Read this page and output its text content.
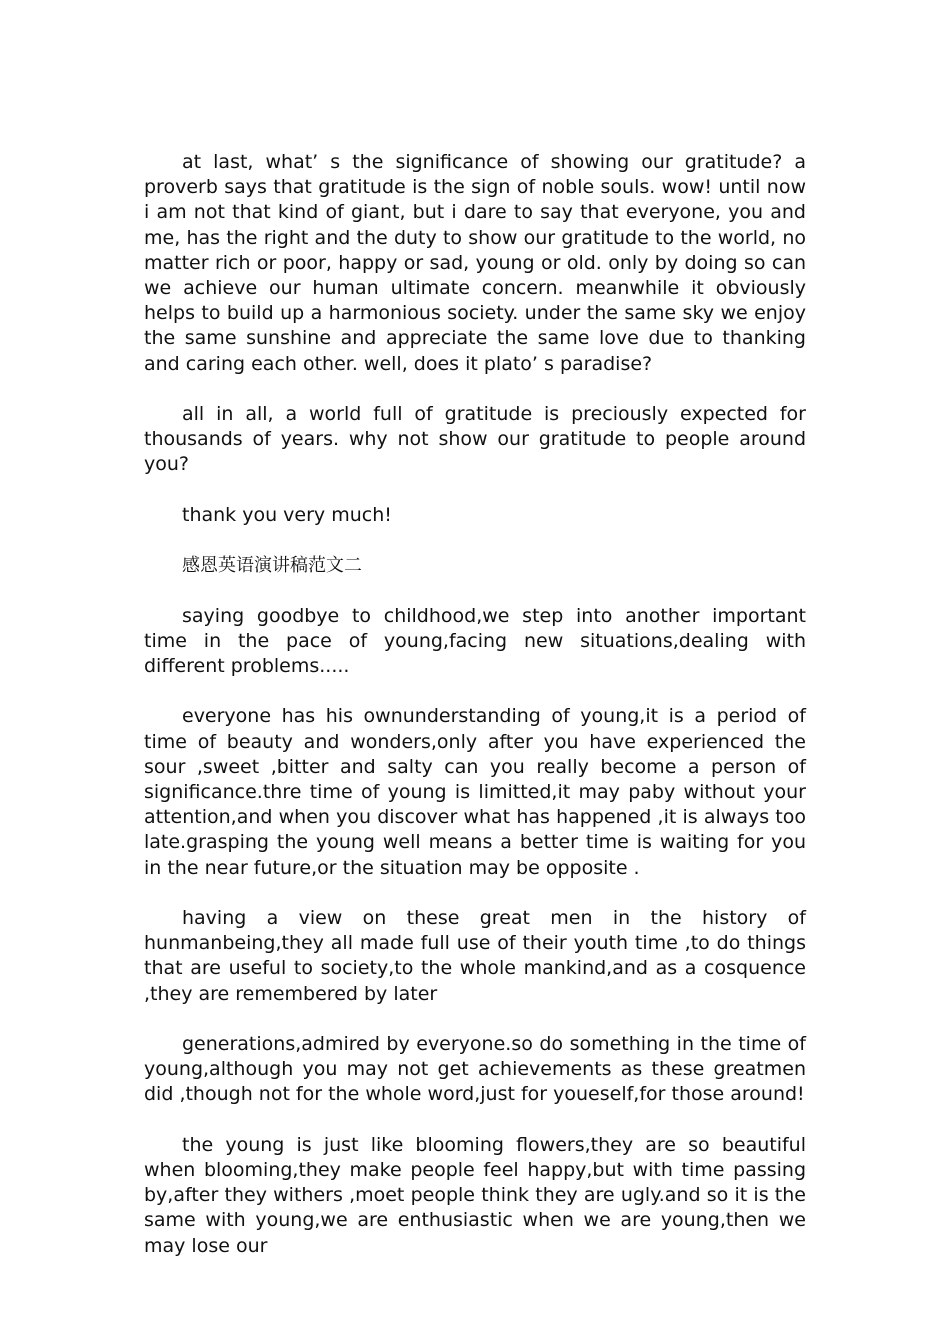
at last, what’ s the significance of showing our gratitude? a proverb says that gratitude is the sign of noble souls. wow! until now i am not that kind of giant, but i dare to say that everyone, you and me, has the right and the duty to show our gratitude to the world, no matter rich or poor, happy or sad, young or old. only by doing so can we achieve our human ultimate concern. meanwhile it obviously helps to build up a harmonious society. under the same sky we enjoy the same sunshine and appreciate the same love due to thanking and caring each other. well, does it plato’ s paradise?

all in all, a world full of gratitude is preciously expected for thousands of years. why not show our gratitude to people around you?

thank you very much!

感恩英语演讲稿范文二

saying goodbye to childhood,we step into another important time in the pace of young,facing new situations,dealing with different problems.....

everyone has his ownunderstanding of young,it is a period of time of beauty and wonders,only after you have experienced the sour ,sweet ,bitter and salty can you really become a person of significance.thre time of young is limitted,it may paby without your attention,and when you discover what has happened ,it is always too late.grasping the young well means a better time is waiting for you in the near future,or the situation may be opposite .

having a view on these great men in the history of hunmanbeing,they all made full use of their youth time ,to do things that are useful to society,to the whole mankind,and as a cosquence ,they are remembered by later

generations,admired by everyone.so do something in the time of young,although you may not get achievements as these greatmen did ,though not for the whole word,just for youeself,for those around!

the young is just like blooming flowers,they are so beautiful when blooming,they make people feel happy,but with time passing by,after they withers ,moet people think they are ugly.and so it is the same with young,we are enthusiastic when we are young,then we may lose our
